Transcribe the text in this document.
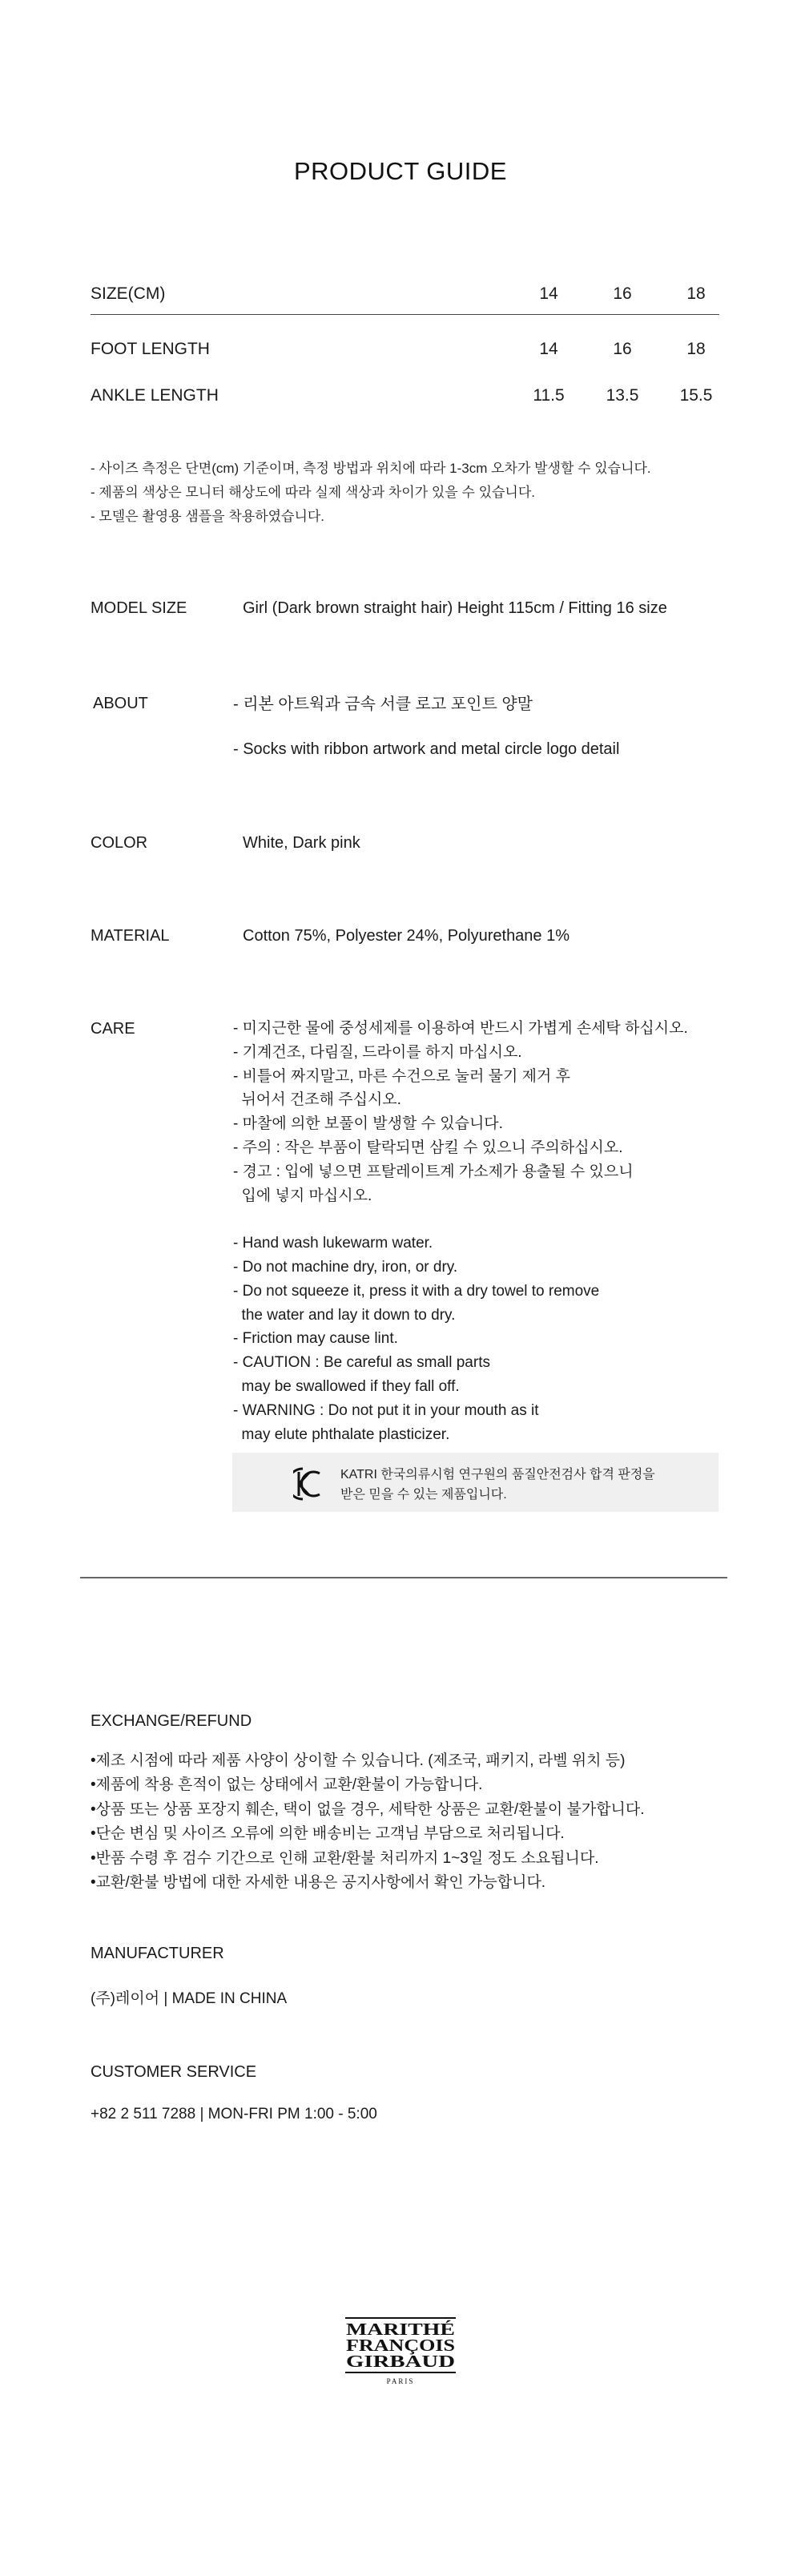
PRODUCT GUIDE
SIZE(CM)	14	16	18
FOOT LENGTH	14	16	18
ANKLE LENGTH	11.5	13.5	15.5

- 사이즈 측정은 단면(cm) 기준이며, 측정 방법과 위치에 따라 1-3cm 오차가 발생할 수 있습니다.

- 제품의 색상은 모니터 해상도에 따라 실제 색상과 차이가 있을 수 있습니다.

- 모델은 촬영용 샘플을 착용하였습니다.

MODEL SIZE	Girl (Dark brown straight hair) Height 115cm / Fitting 16 size
ABOUT	- 리본 아트웍과 금속 서클 로고 포인트 양말

- Socks with ribbon artwork and metal circle logo detail

COLOR	White, Dark pink
MATERIAL	Cotton 75%, Polyester 24%, Polyurethane 1%
CARE	- 미지근한 물에 중성세제를 이용하여 반드시 가볍게 손세탁 하십시오.

- 기계건조, 다림질, 드라이를 하지 마십시오.

- 비틀어 짜지말고, 마른 수건으로 눌러 물기 제거 후

뉘어서 건조해 주십시오.

- 마찰에 의한 보풀이 발생할 수 있습니다.

- 주의 : 작은 부품이 탈락되면 삼킬 수 있으니 주의하십시오.

- 경고 : 입에 넣으면 프탈레이트계 가소제가 용출될 수 있으니

입에 넣지 마십시오.

- Hand wash lukewarm water.

- Do not machine dry, iron, or dry.

- Do not squeeze it, press it with a dry towel to remove

the water and lay it down to dry.

- Friction may cause lint.

- CAUTION : Be careful as small parts

may be swallowed if they fall off.

- WARNING : Do not put it in your mouth as it

may elute phthalate plasticizer.

KATRI 한국의류시험 연구원의 품질안전검사 합격 판정을
받은 믿을 수 있는 제품입니다.
EXCHANGE/REFUND

•제조 시점에 따라 제품 사양이 상이할 수 있습니다. (제조국, 패키지, 라벨 위치 등)

•제품에 착용 흔적이 없는 상태에서 교환/환불이 가능합니다.

•상품 또는 상품 포장지 훼손, 택이 없을 경우, 세탁한 상품은 교환/환불이 불가합니다.

•단순 변심 및 사이즈 오류에 의한 배송비는 고객님 부담으로 처리됩니다.

•반품 수령 후 검수 기간으로 인해 교환/환불 처리까지 1~3일 정도 소요됩니다.

•교환/환불 방법에 대한 자세한 내용은 공지사항에서 확인 가능합니다.

MANUFACTURER
(주)레이어 | MADE IN CHINA
CUSTOMER SERVICE
+82 2 511 7288 | MON-FRI PM 1:00 - 5:00
MARITHÉ
FRANÇOIS
GIRBAUD
PARIS
